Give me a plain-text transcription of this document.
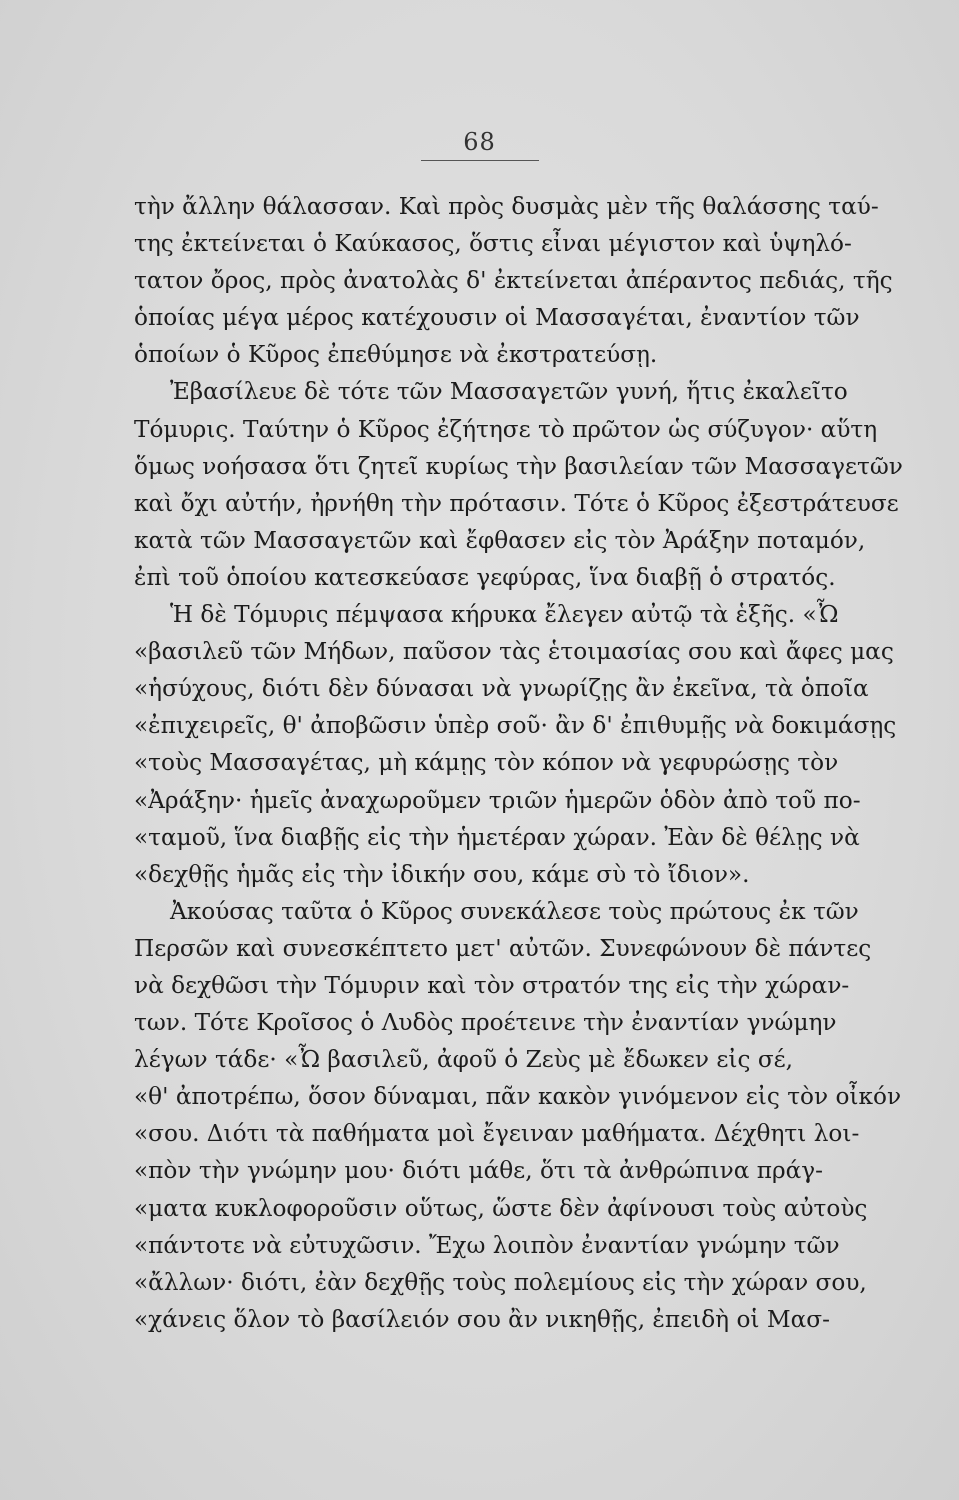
68
τὴν ἄλλην θάλασσαν. Καὶ πρὸς δυσμὰς μὲν τῆς θαλάσσης ταύ-
της ἐκτείνεται ὁ Καύκασος, ὅστις εἶναι μέγιστον καὶ ὑψηλό-
τατον ὄρος, πρὸς ἀνατολὰς δ' ἐκτείνεται ἀπέραντος πεδιάς, τῆς
ὁποίας μέγα μέρος κατέχουσιν οἱ Μασσαγέται, ἐναντίον τῶν
ὁποίων ὁ Κῦρος ἐπεθύμησε νὰ ἐκστρατεύσῃ.
Ἐβασίλευε δὲ τότε τῶν Μασσαγετῶν γυνή, ἥτις ἐκαλεῖτο
Τόμυρις. Ταύτην ὁ Κῦρος ἐζήτησε τὸ πρῶτον ὡς σύζυγον· αὕτη
ὅμως νοήσασα ὅτι ζητεῖ κυρίως τὴν βασιλείαν τῶν Μασσαγετῶν
καὶ ὄχι αὐτήν, ἠρνήθη τὴν πρότασιν. Τότε ὁ Κῦρος ἐξεστράτευσε
κατὰ τῶν Μασσαγετῶν καὶ ἔφθασεν εἰς τὸν Ἀράξην ποταμόν,
ἐπὶ τοῦ ὁποίου κατεσκεύασε γεφύρας, ἵνα διαβῇ ὁ στρατός.
Ἡ δὲ Τόμυρις πέμψασα κήρυκα ἔλεγεν αὐτῷ τὰ ἑξῆς. «Ὦ
«βασιλεῦ τῶν Μήδων, παῦσον τὰς ἑτοιμασίας σου καὶ ἄφες μας
«ἡσύχους, διότι δὲν δύνασαι νὰ γνωρίζῃς ἂν ἐκεῖνα, τὰ ὁποῖα
«ἐπιχειρεῖς, θ' ἀποβῶσιν ὑπὲρ σοῦ· ἂν δ' ἐπιθυμῇς νὰ δοκιμάσῃς
«τοὺς Μασσαγέτας, μὴ κάμῃς τὸν κόπον νὰ γεφυρώσῃς τὸν
«Ἀράξην· ἡμεῖς ἀναχωροῦμεν τριῶν ἡμερῶν ὁδὸν ἀπὸ τοῦ πο-
«ταμοῦ, ἵνα διαβῇς εἰς τὴν ἡμετέραν χώραν. Ἐὰν δὲ θέλῃς νὰ
«δεχθῇς ἡμᾶς εἰς τὴν ἰδικήν σου, κάμε σὺ τὸ ἴδιον».
Ἀκούσας ταῦτα ὁ Κῦρος συνεκάλεσε τοὺς πρώτους ἐκ τῶν
Περσῶν καὶ συνεσκέπτετο μετ' αὐτῶν. Συνεφώνουν δὲ πάντες
νὰ δεχθῶσι τὴν Τόμυριν καὶ τὸν στρατόν της εἰς τὴν χώραν-
των. Τότε Κροῖσος ὁ Λυδὸς προέτεινε τὴν ἐναντίαν γνώμην
λέγων τάδε· «Ὦ βασιλεῦ, ἀφοῦ ὁ Ζεὺς μὲ ἔδωκεν εἰς σέ,
«θ' ἀποτρέπω, ὅσον δύναμαι, πᾶν κακὸν γινόμενον εἰς τὸν οἶκόν
«σου. Διότι τὰ παθήματα μοὶ ἔγειναν μαθήματα. Δέχθητι λοι-
«πὸν τὴν γνώμην μου· διότι μάθε, ὅτι τὰ ἀνθρώπινα πράγ-
«ματα κυκλοφοροῦσιν οὕτως, ὥστε δὲν ἀφίνουσι τοὺς αὐτοὺς
«πάντοτε νὰ εὐτυχῶσιν. Ἔχω λοιπὸν ἐναντίαν γνώμην τῶν
«ἄλλων· διότι, ἐὰν δεχθῇς τοὺς πολεμίους εἰς τὴν χώραν σου,
«χάνεις ὅλον τὸ βασίλειόν σου ἂν νικηθῇς, ἐπειδὴ οἱ Μασ-
